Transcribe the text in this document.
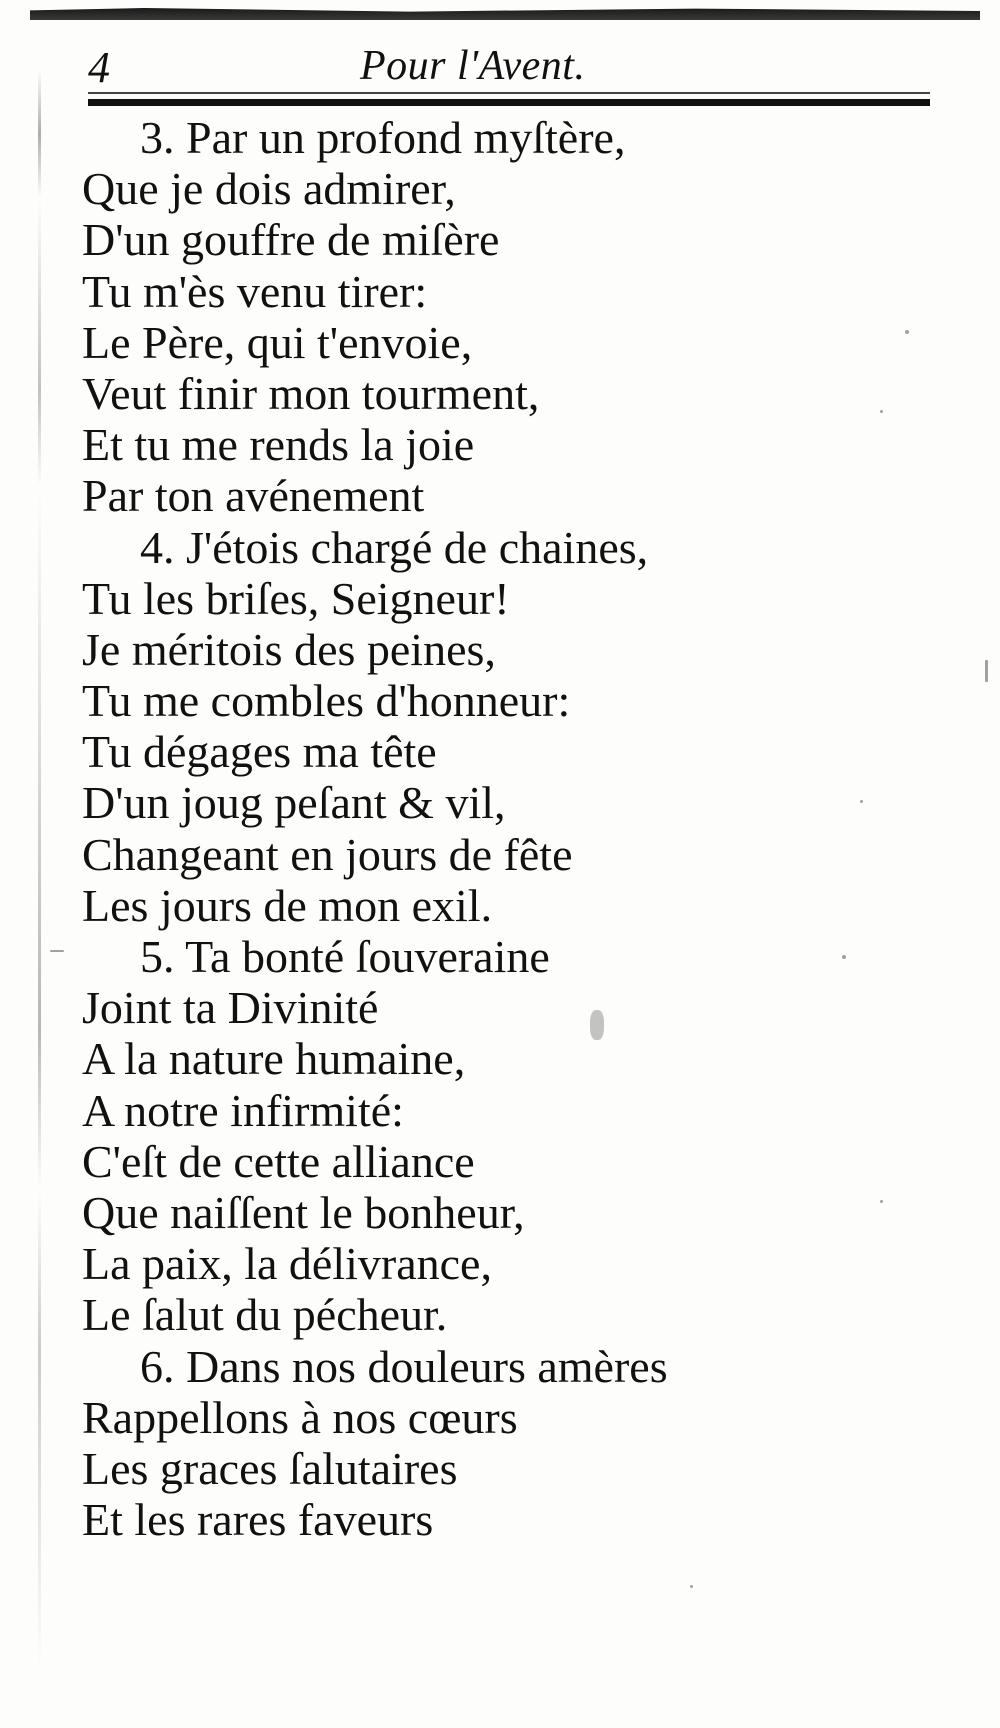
4	Pour l'Avent.
3. Par un profond myſtère,
Que je dois admirer,
D'un gouffre de miſère
Tu m'ès venu tirer:
Le Père, qui t'envoie,
Veut finir mon tourment,
Et tu me rends la joie
Par ton avénement
4. J'étois chargé de chaines,
Tu les briſes, Seigneur!
Je méritois des peines,
Tu me combles d'honneur:
Tu dégages ma tête
D'un joug peſant & vil,
Changeant en jours de fête
Les jours de mon exil.
5. Ta bonté ſouveraine
Joint ta Divinité
A la nature humaine,
A notre infirmité:
C'eſt de cette alliance
Que naiſſent le bonheur,
La paix, la délivrance,
Le ſalut du pécheur.
6. Dans nos douleurs amères
Rappellons à nos cœurs
Les graces ſalutaires
Et les rares faveurs
